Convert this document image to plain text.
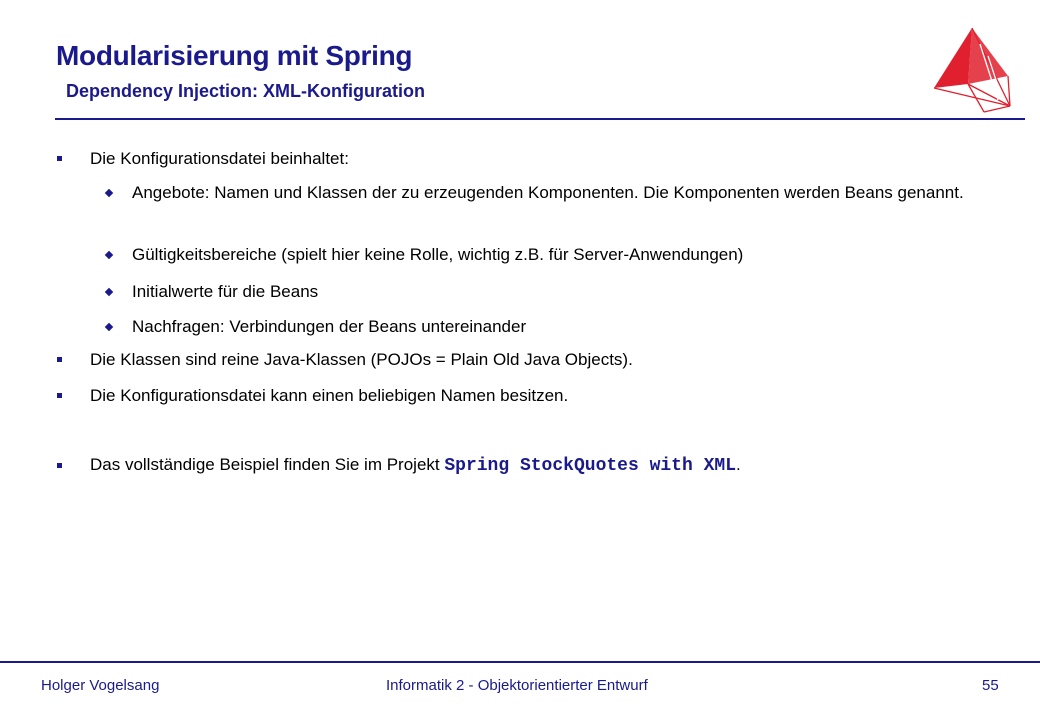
Modularisierung mit Spring
Dependency Injection: XML-Konfiguration

Die Konfigurationsdatei beinhaltet:

Angebote: Namen und Klassen der zu erzeugenden Komponenten. Die Komponenten werden Beans genannt.

Gültigkeitsbereiche (spielt hier keine Rolle, wichtig z.B. für Server-Anwendungen)

Initialwerte für die Beans

Nachfragen: Verbindungen der Beans untereinander

Die Klassen sind reine Java-Klassen (POJOs = Plain Old Java Objects).

Die Konfigurationsdatei kann einen beliebigen Namen besitzen.

Das vollständige Beispiel finden Sie im Projekt Spring StockQuotes with XML.

Holger Vogelsang	Informatik 2 - Objektorientierter Entwurf	55
